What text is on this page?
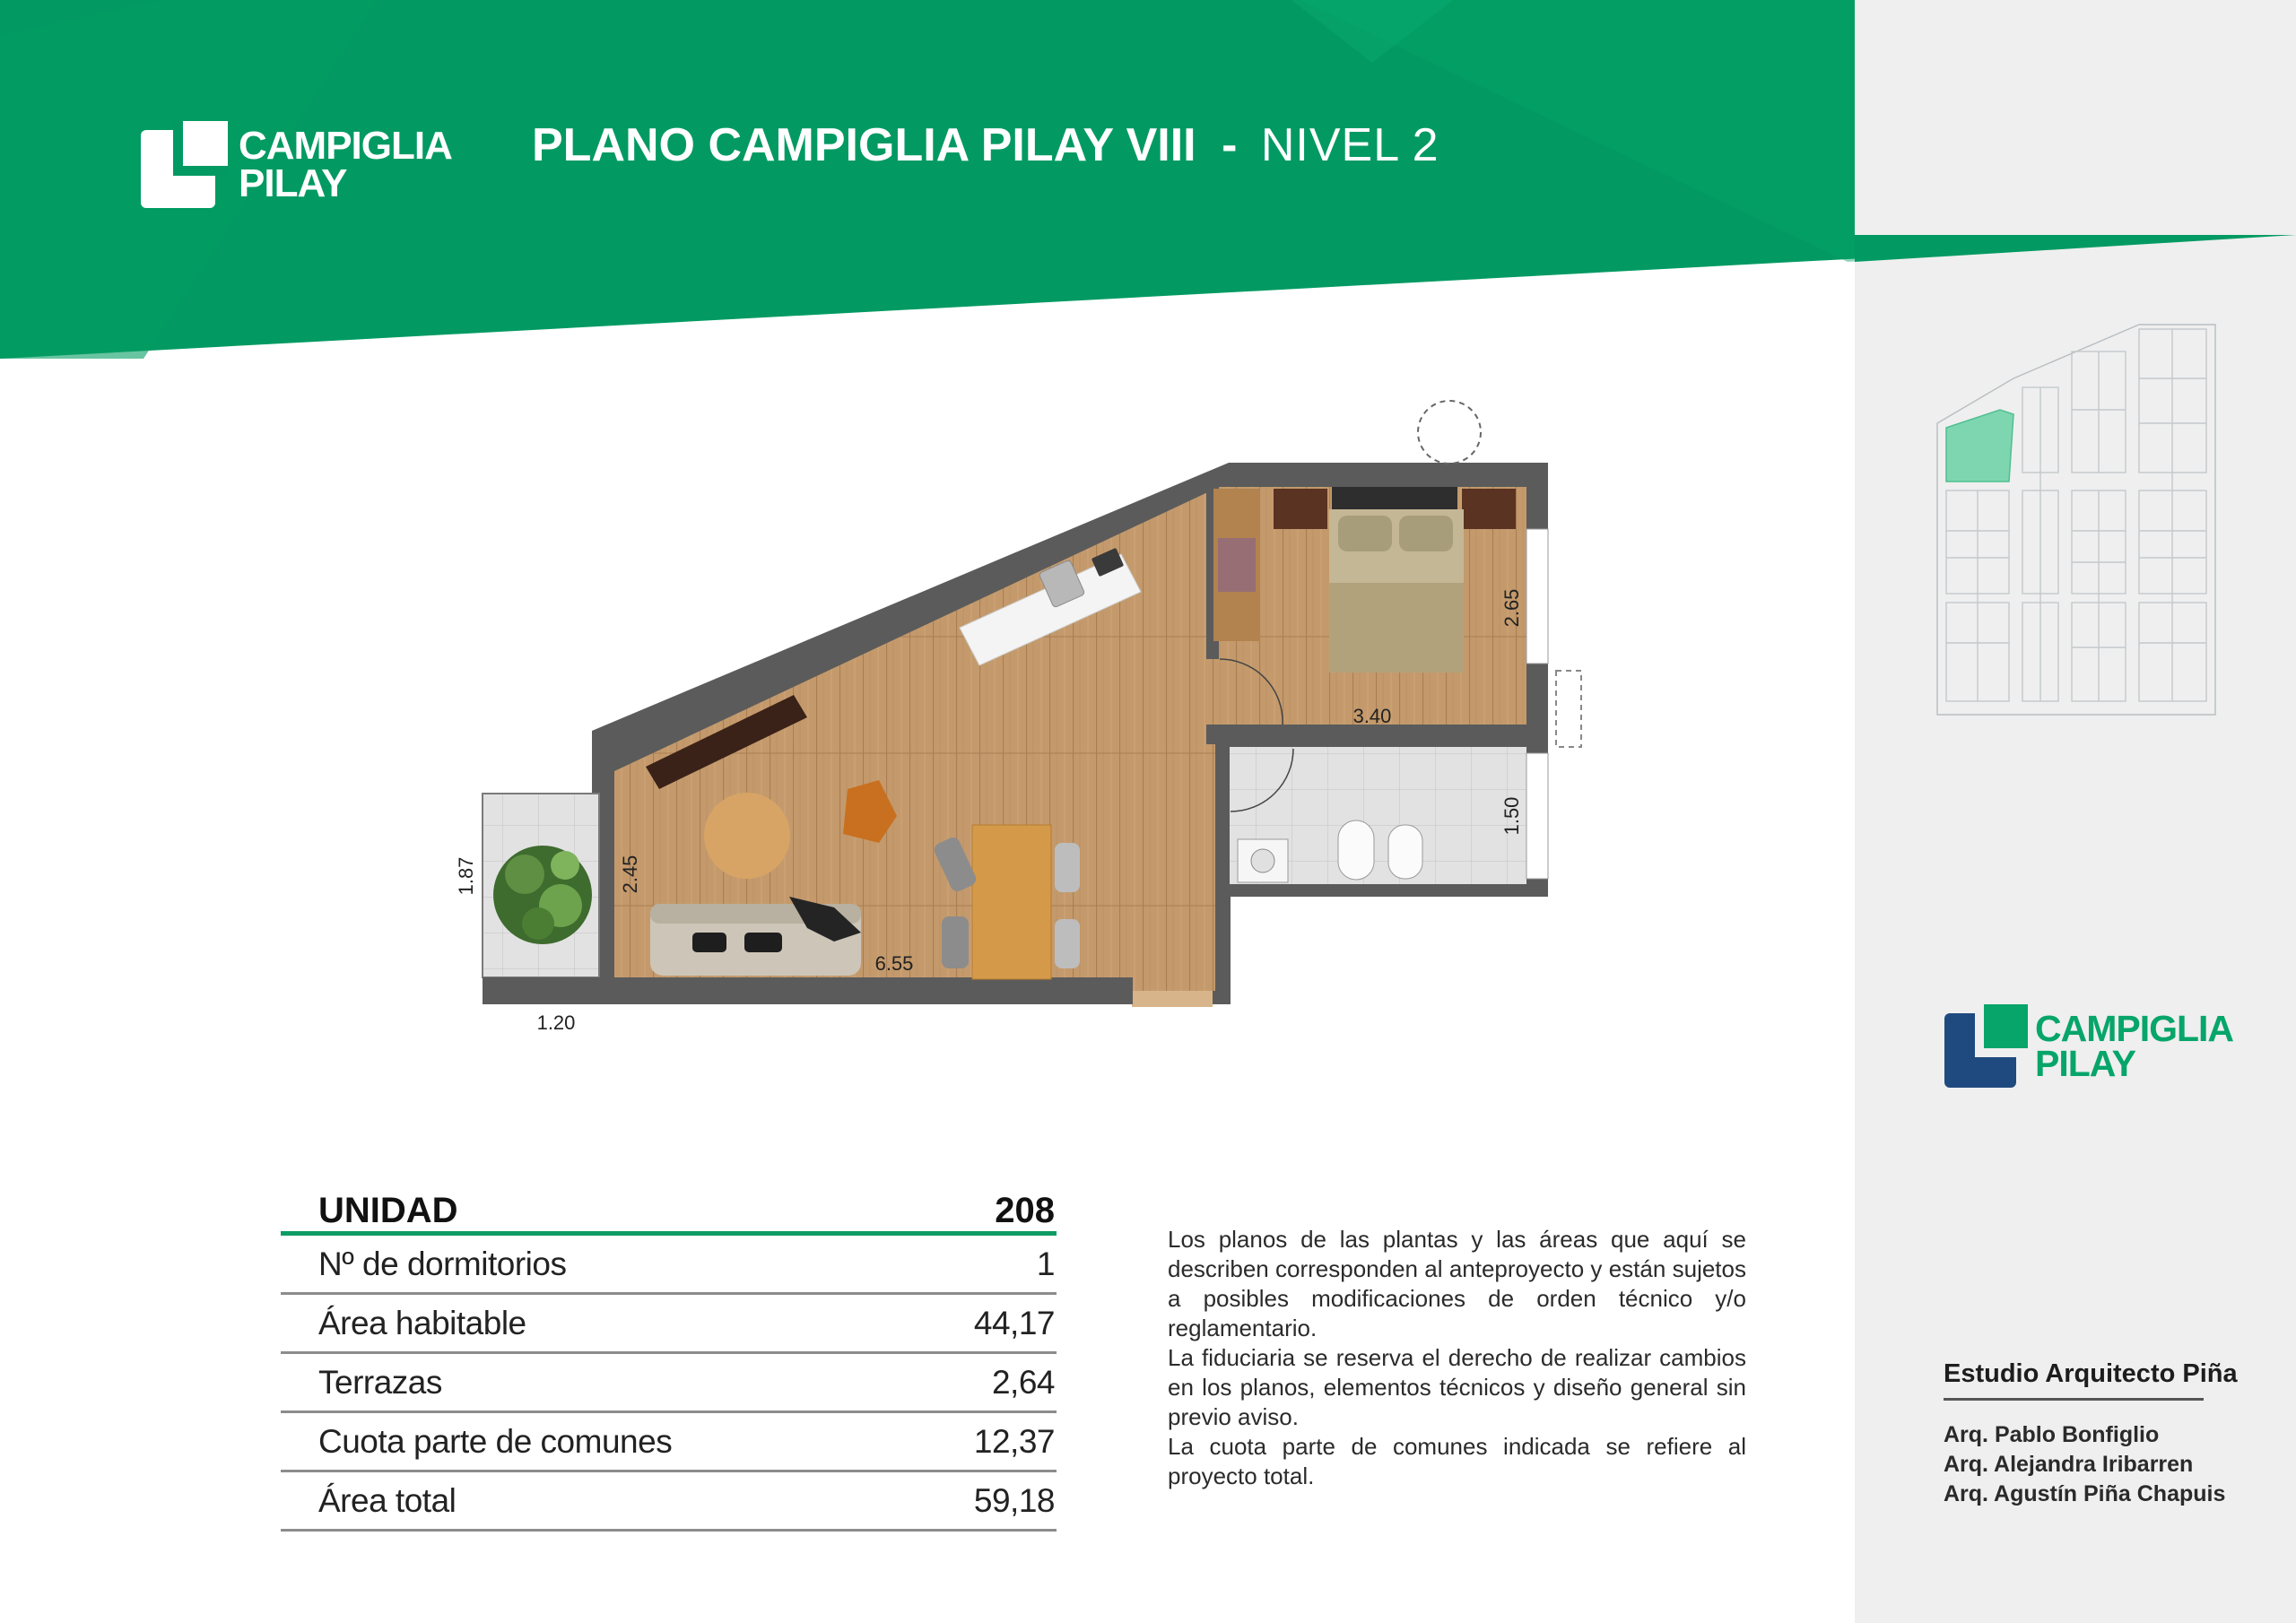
CAMPIGLIA
PILAY
PLANO CAMPIGLIA PILAY VIII - NIVEL 2
2.65
3.40
1.50
2.45
6.55
1.87
1.20	CAMPIGLIA
PILAY
UNIDAD	208
Nº de dormitorios	1
Área habitable	44,17
Terrazas	2,64
Cuota parte de comunes	12,37
Área total	59,18

Los planos de las plantas y las áreas que aquí se describen corresponden al anteproyecto y están sujetos a posibles modificaciones de orden técnico y/o reglamentario.

La fiduciaria se reserva el derecho de realizar cambios en los planos, elementos técnicos y diseño general sin previo aviso.

La cuota parte de comunes indicada se refiere al proyecto total.

Estudio Arquitecto Piña
Arq. Pablo Bonfiglio
Arq. Alejandra Iribarren
Arq. Agustín Piña Chapuis
